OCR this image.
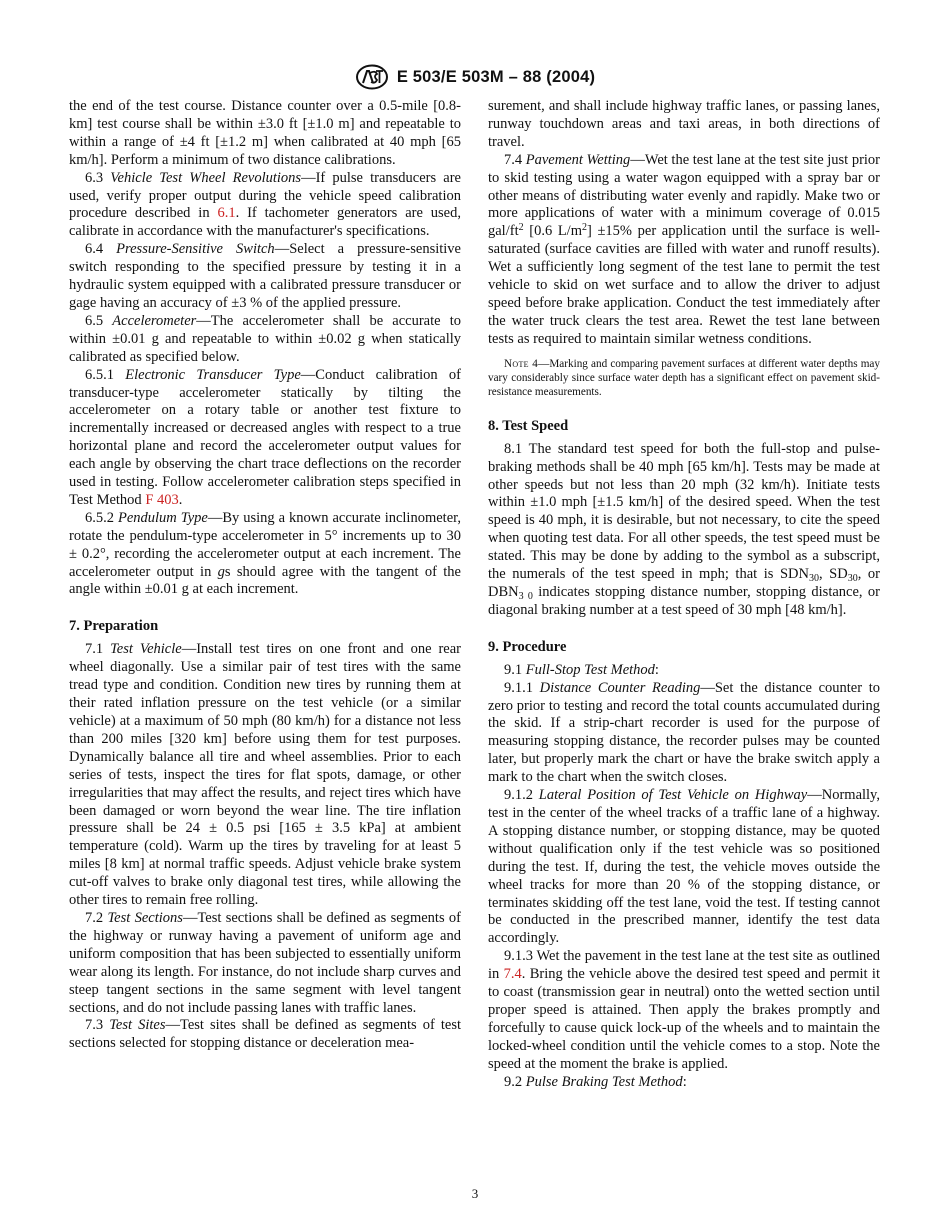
E 503/E 503M – 88 (2004)

the end of the test course. Distance counter over a 0.5-mile [0.8-km] test course shall be within ±3.0 ft [±1.0 m] and repeatable to within a range of ±4 ft [±1.2 m] when calibrated at 40 mph [65 km/h]. Perform a minimum of two distance calibrations.

6.3 Vehicle Test Wheel Revolutions—If pulse transducers are used, verify proper output during the vehicle speed calibration procedure described in 6.1. If tachometer generators are used, calibrate in accordance with the manufacturer's specifications.

6.4 Pressure-Sensitive Switch—Select a pressure-sensitive switch responding to the specified pressure by testing it in a hydraulic system equipped with a calibrated pressure transducer or gage having an accuracy of ±3 % of the applied pressure.

6.5 Accelerometer—The accelerometer shall be accurate to within ±0.01 g and repeatable to within ±0.02 g when statically calibrated as specified below.

6.5.1 Electronic Transducer Type—Conduct calibration of transducer-type accelerometer statically by tilting the accelerometer on a rotary table or another test fixture to incrementally increased or decreased angles with respect to a true horizontal plane and record the accelerometer output values for each angle by observing the chart trace deflections on the recorder used in testing. Follow accelerometer calibration steps specified in Test Method F 403.

6.5.2 Pendulum Type—By using a known accurate inclinometer, rotate the pendulum-type accelerometer in 5° increments up to 30 ± 0.2°, recording the accelerometer output at each increment. The accelerometer output in gs should agree with the tangent of the angle within ±0.01 g at each increment.

7. Preparation

7.1 Test Vehicle—Install test tires on one front and one rear wheel diagonally. Use a similar pair of test tires with the same tread type and condition. Condition new tires by running them at their rated inflation pressure on the test vehicle (or a similar vehicle) at a maximum of 50 mph (80 km/h) for a distance not less than 200 miles [320 km] before using them for test purposes. Dynamically balance all tire and wheel assemblies. Prior to each series of tests, inspect the tires for flat spots, damage, or other irregularities that may affect the results, and reject tires which have been damaged or worn beyond the wear line. The tire inflation pressure shall be 24 ± 0.5 psi [165 ± 3.5 kPa] at ambient temperature (cold). Warm up the tires by traveling for at least 5 miles [8 km] at normal traffic speeds. Adjust vehicle brake system cut-off valves to brake only diagonal test tires, while allowing the other tires to remain free rolling.

7.2 Test Sections—Test sections shall be defined as segments of the highway or runway having a pavement of uniform age and uniform composition that has been subjected to essentially uniform wear along its length. For instance, do not include sharp curves and steep tangent sections in the same segment with level tangent sections, and do not include passing lanes with traffic lanes.

7.3 Test Sites—Test sites shall be defined as segments of test sections selected for stopping distance or deceleration mea-

surement, and shall include highway traffic lanes, or passing lanes, runway touchdown areas and taxi areas, in both directions of travel.

7.4 Pavement Wetting—Wet the test lane at the test site just prior to skid testing using a water wagon equipped with a spray bar or other means of distributing water evenly and rapidly. Make two or more applications of water with a minimum coverage of 0.015 gal/$ft^2$ [0.6 $L/m^2] \pm 15\%$ per application until the surface is well-saturated (surface cavities are filled with water and runoff results). Wet a sufficiently long segment of the test lane to permit the test vehicle to skid on wet surface and to allow the driver to adjust speed before brake application. Conduct the test immediately after the water truck clears the test area. Rewet the test lane between tests as required to maintain similar wetness conditions.

Note 4—Marking and comparing pavement surfaces at different water depths may vary considerably since surface water depth has a significant effect on pavement skid-resistance measurements.

8. Test Speed

8.1 The standard test speed for both the full-stop and pulse-braking methods shall be 40 mph [65 km/h]. Tests may be made at other speeds but not less than 20 mph (32 km/h). Initiate tests within ±1.0 mph [±1.5 km/h] of the desired speed. When the test speed is 40 mph, it is desirable, but not necessary, to cite the speed when quoting test data. For all other speeds, the test speed must be stated. This may be done by adding to the symbol as a subscript, the numerals of the test speed in mph; that is $SDN_{30}$, $SD_{30}$, or $DBN_{3 0}$ indicates stopping distance number, stopping distance, or diagonal braking number at a test speed of 30 mph [48 km/h].

9. Procedure

9.1 Full-Stop Test Method:

9.1.1 Distance Counter Reading—Set the distance counter to zero prior to testing and record the total counts accumulated during the skid. If a strip-chart recorder is used for the purpose of measuring stopping distance, the recorder pulses may be counted later, but properly mark the chart or have the brake switch apply a mark to the chart when the switch closes.

9.1.2 Lateral Position of Test Vehicle on Highway—Normally, test in the center of the wheel tracks of a traffic lane of a highway. A stopping distance number, or stopping distance, may be quoted without qualification only if the test vehicle was so positioned during the test. If, during the test, the vehicle moves outside the wheel tracks for more than 20 % of the stopping distance, or terminates skidding off the test lane, void the test. If testing cannot be conducted in the prescribed manner, identify the test data accordingly.

9.1.3 Wet the pavement in the test lane at the test site as outlined in 7.4. Bring the vehicle above the desired test speed and permit it to coast (transmission gear in neutral) onto the wetted section until proper speed is attained. Then apply the brakes promptly and forcefully to cause quick lock-up of the wheels and to maintain the locked-wheel condition until the vehicle comes to a stop. Note the speed at the moment the brake is applied.

9.2 Pulse Braking Test Method:

3
